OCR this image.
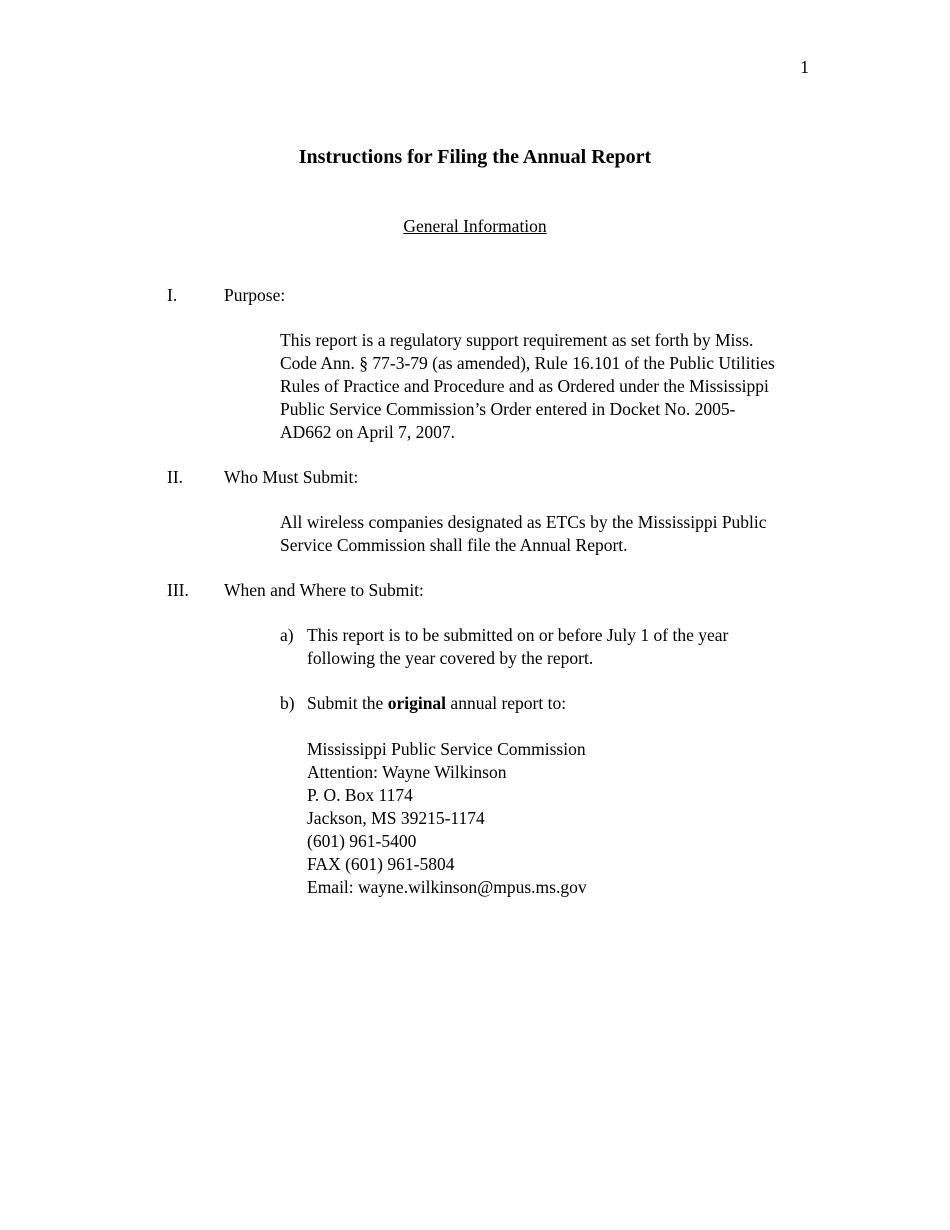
1
Instructions for Filing the Annual Report
General Information
I.	Purpose:
This report is a regulatory support requirement as set forth by Miss.
Code Ann. § 77-3-79 (as amended), Rule 16.101 of the Public Utilities
Rules of Practice and Procedure and as Ordered under the Mississippi
Public Service Commission’s Order entered in Docket No. 2005-
AD662 on April 7, 2007.
II. Who Must Submit:
All wireless companies designated as ETCs by the Mississippi Public
Service Commission shall file the Annual Report.
III. When and Where to Submit:
a) This report is to be submitted on or before July 1 of the year
following the year covered by the report.
b) Submit the original annual report to:
Mississippi Public Service Commission
Attention: Wayne Wilkinson
P. O. Box 1174
Jackson, MS 39215-1174
(601) 961-5400
FAX (601) 961-5804
Email: wayne.wilkinson@mpus.ms.gov
